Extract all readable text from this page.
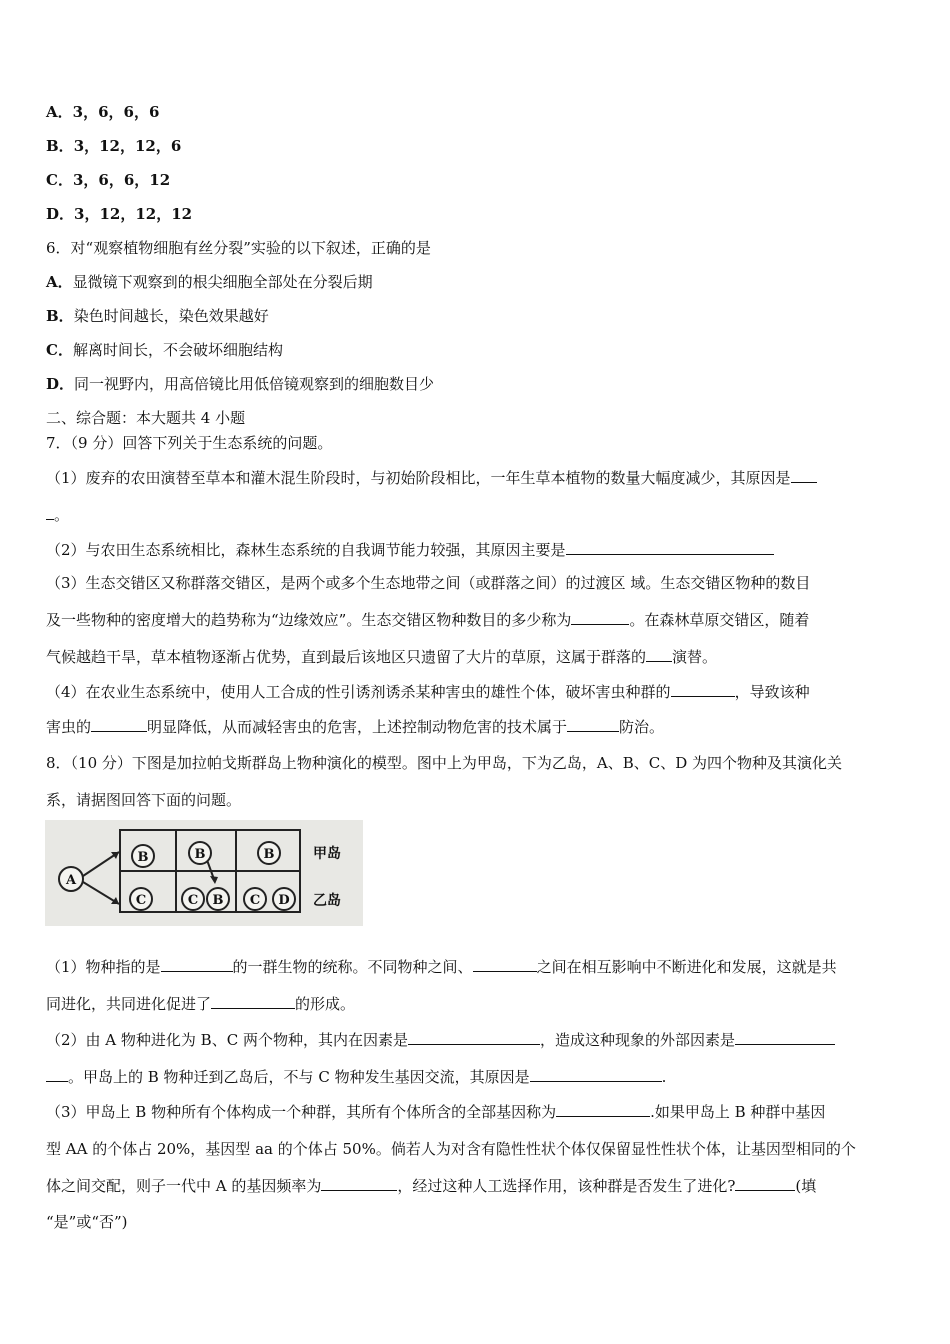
A．3，6，6，6
B．3，12，12，6
C．3，6，6，12
D．3，12，12，12
6．对“观察植物细胞有丝分裂”实验的以下叙述，正确的是
A．显微镜下观察到的根尖细胞全部处在分裂后期
B．染色时间越长，染色效果越好
C．解离时间长，不会破坏细胞结构
D．同一视野内，用高倍镜比用低倍镜观察到的细胞数目少
二、综合题：本大题共 4 小题
7．（9 分）回答下列关于生态系统的问题。
（1）废弃的农田演替至草本和灌木混生阶段时，与初始阶段相比，一年生草本植物的数量大幅度减少，其原因是
。
（2）与农田生态系统相比，森林生态系统的自我调节能力较强，其原因主要是
（3）生态交错区又称群落交错区，是两个或多个生态地带之间（或群落之间）的过渡区 域。生态交错区物种的数目
及一些物种的密度增大的趋势称为“边缘效应”。生态交错区物种数目的多少称为	。在森林草原交错区，随着
气候越趋干旱，草本植物逐渐占优势，直到最后该地区只遗留了大片的草原，这属于群落的 演替。
（4）在农业生态系统中，使用人工合成的性引诱剂诱杀某种害虫的雄性个体，破坏害虫种群的	，导致该种
害虫的	明显降低，从而减轻害虫的危害，上述控制动物危害的技术属于	防治。
8．（10 分）下图是加拉帕戈斯群岛上物种演化的模型。图中上为甲岛，下为乙岛，A、B、C、D 为四个物种及其演化关
系，请据图回答下面的问题。
A
B	B	B
C	C B C D
甲岛
乙岛
（1）物种指的是	的一群生物的统称。不同物种之间、	之间在相互影响中不断进化和发展，这就是共
同进化，共同进化促进了	的形成。
（2）由 A 物种进化为 B、C 两个物种，其内在因素是	，造成这种现象的外部因素是
。甲岛上的 B 物种迁到乙岛后，不与 C 物种发生基因交流，其原因是	.
（3）甲岛上 B 物种所有个体构成一个种群，其所有个体所含的全部基因称为	.如果甲岛上 B 种群中基因
型 AA 的个体占 20%，基因型 aa 的个体占 50%。倘若人为对含有隐性性状个体仅保留显性性状个体，让基因型相同的个
体之间交配，则子一代中 A 的基因频率为	，经过这种人工选择作用，该种群是否发生了进化?	(填
“是”或“否”)
